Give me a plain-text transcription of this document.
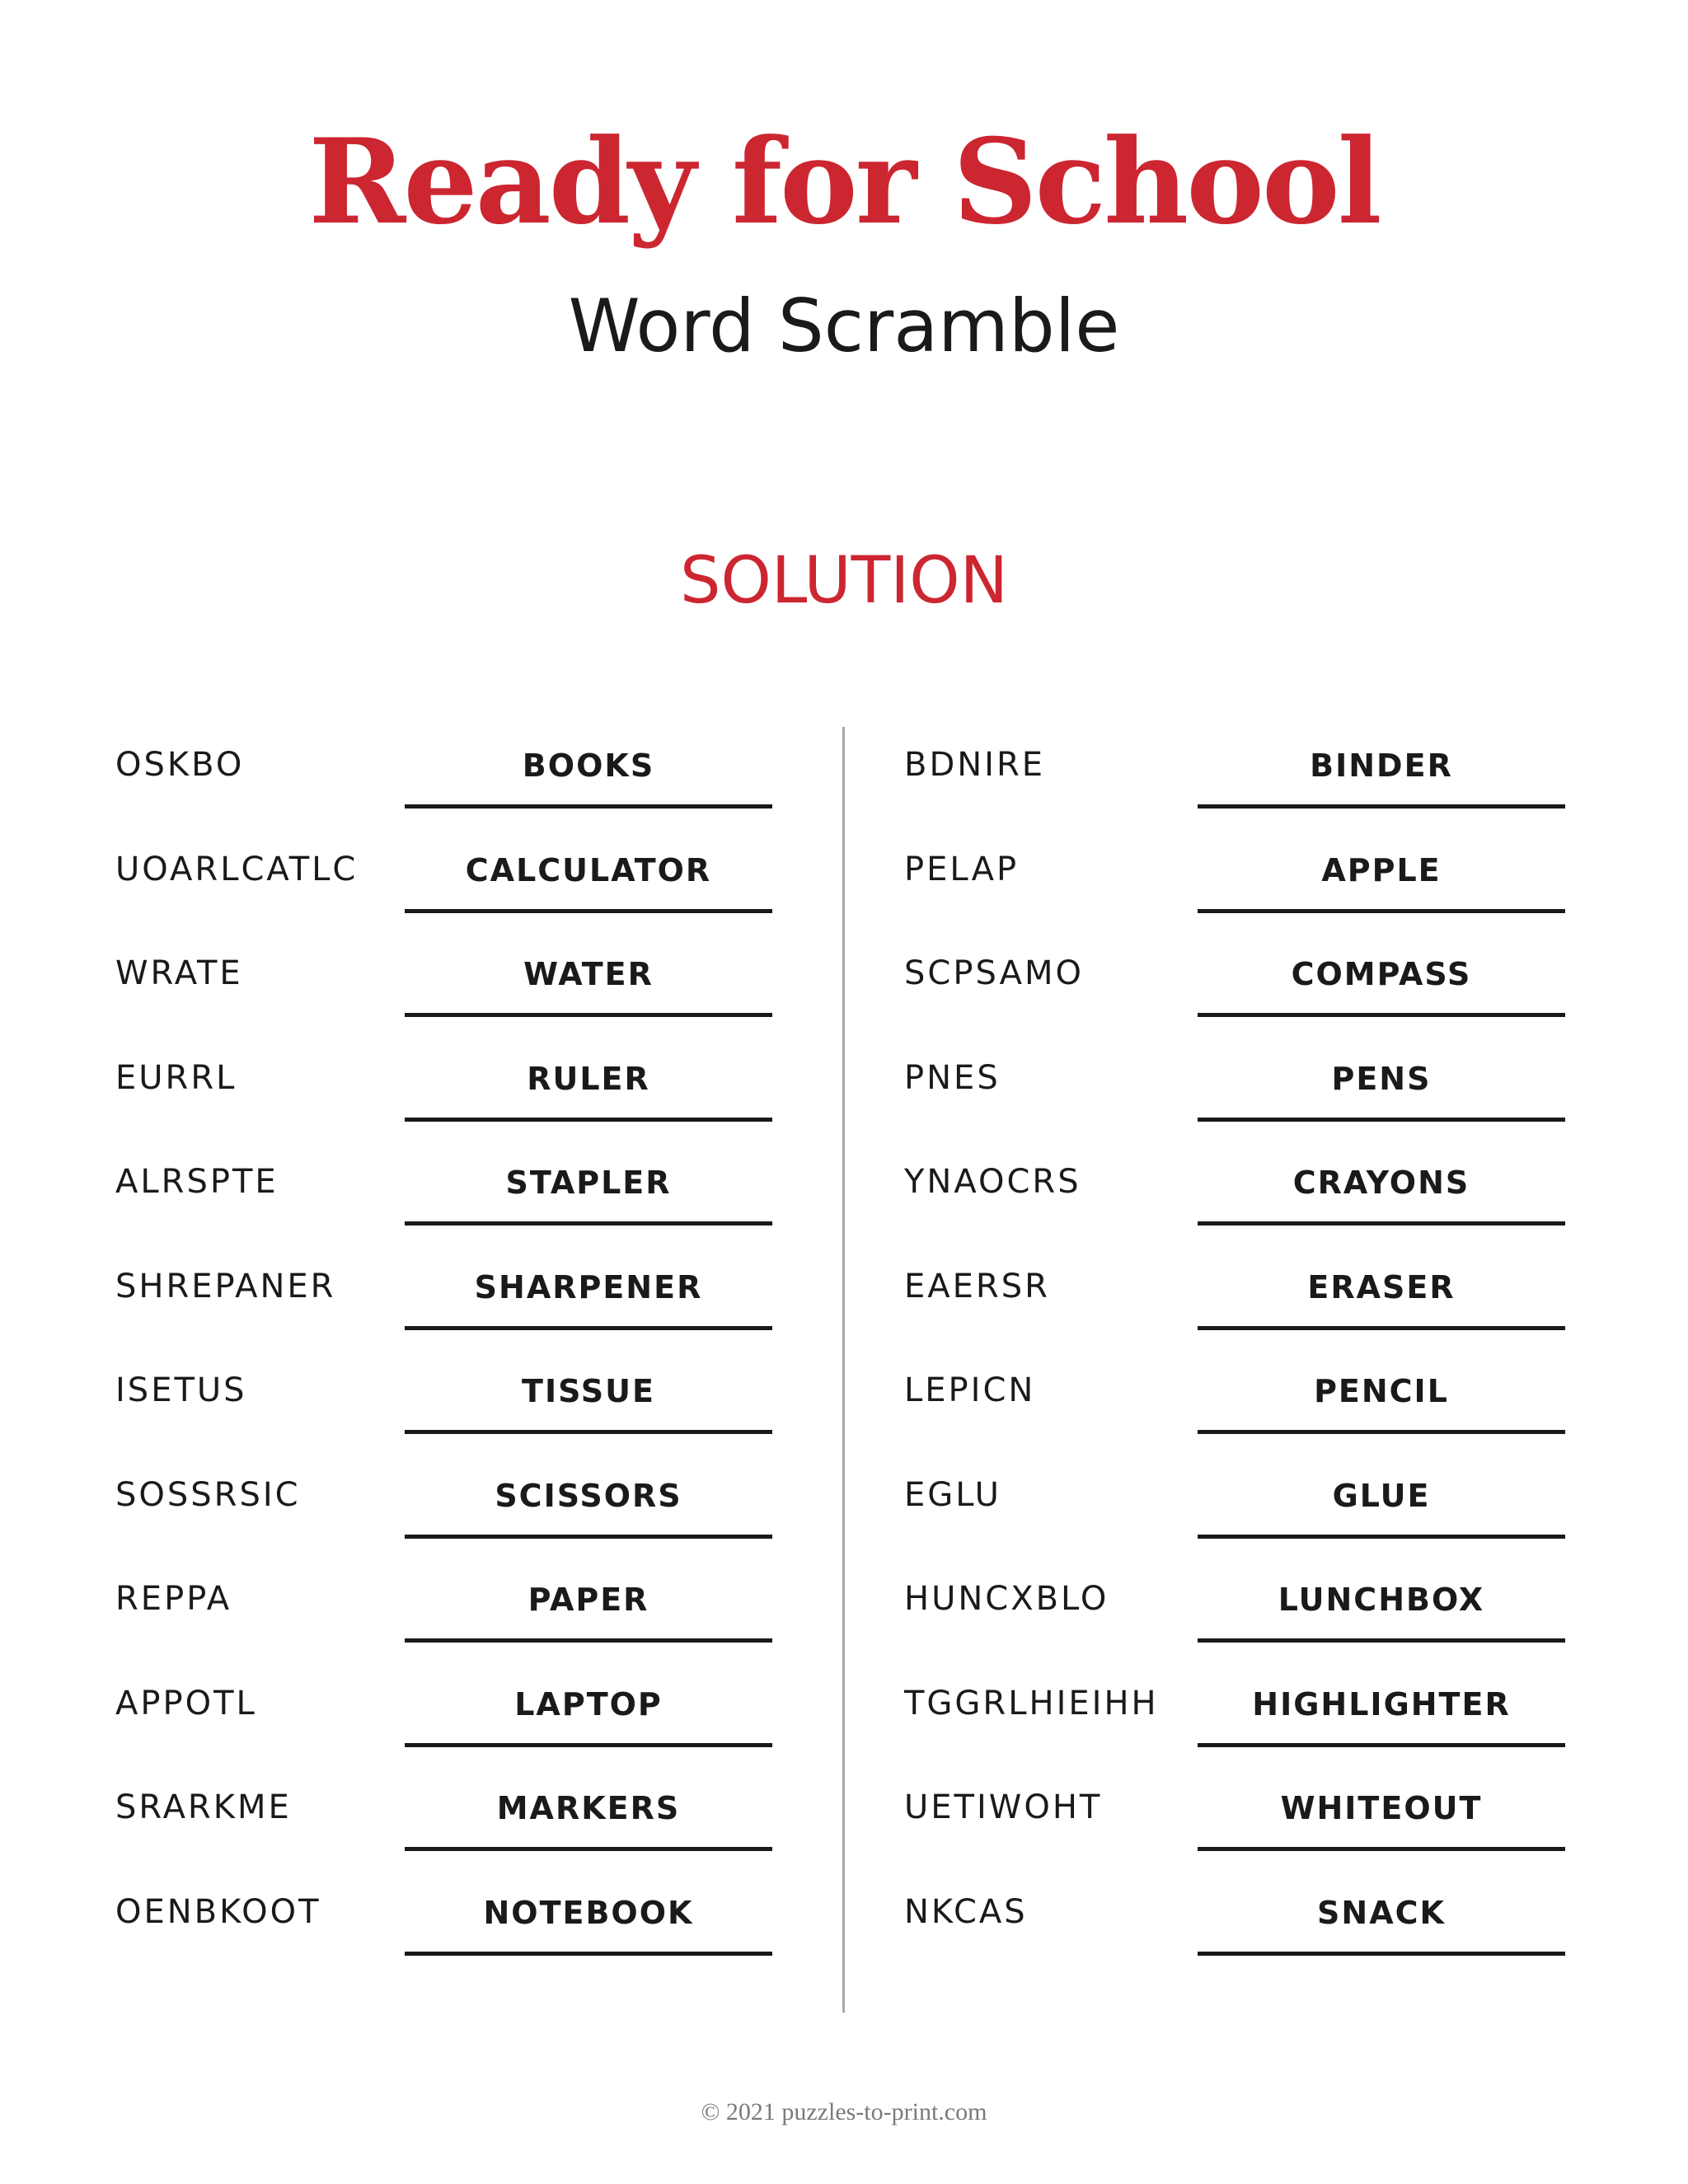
Ready for School
Word Scramble
SOLUTION
OSKBO	BOOKS
UOARLCATLC	CALCULATOR
WRATE	WATER
EURRL	RULER
ALRSPTE	STAPLER
SHREPANER	SHARPENER
ISETUS	TISSUE
SOSSRSIC	SCISSORS
REPPA	PAPER
APPOTL	LAPTOP
SRARKME	MARKERS
OENBKOOT	NOTEBOOK
BDNIRE	BINDER
PELAP	APPLE
SCPSAMO	COMPASS
PNES	PENS
YNAOCRS	CRAYONS
EAERSR	ERASER
LEPICN	PENCIL
EGLU	GLUE
HUNCXBLO	LUNCHBOX
TGGRLHIEIHH	HIGHLIGHTER
UETIWOHT	WHITEOUT
NKCAS	SNACK
© 2021 puzzles-to-print.com
